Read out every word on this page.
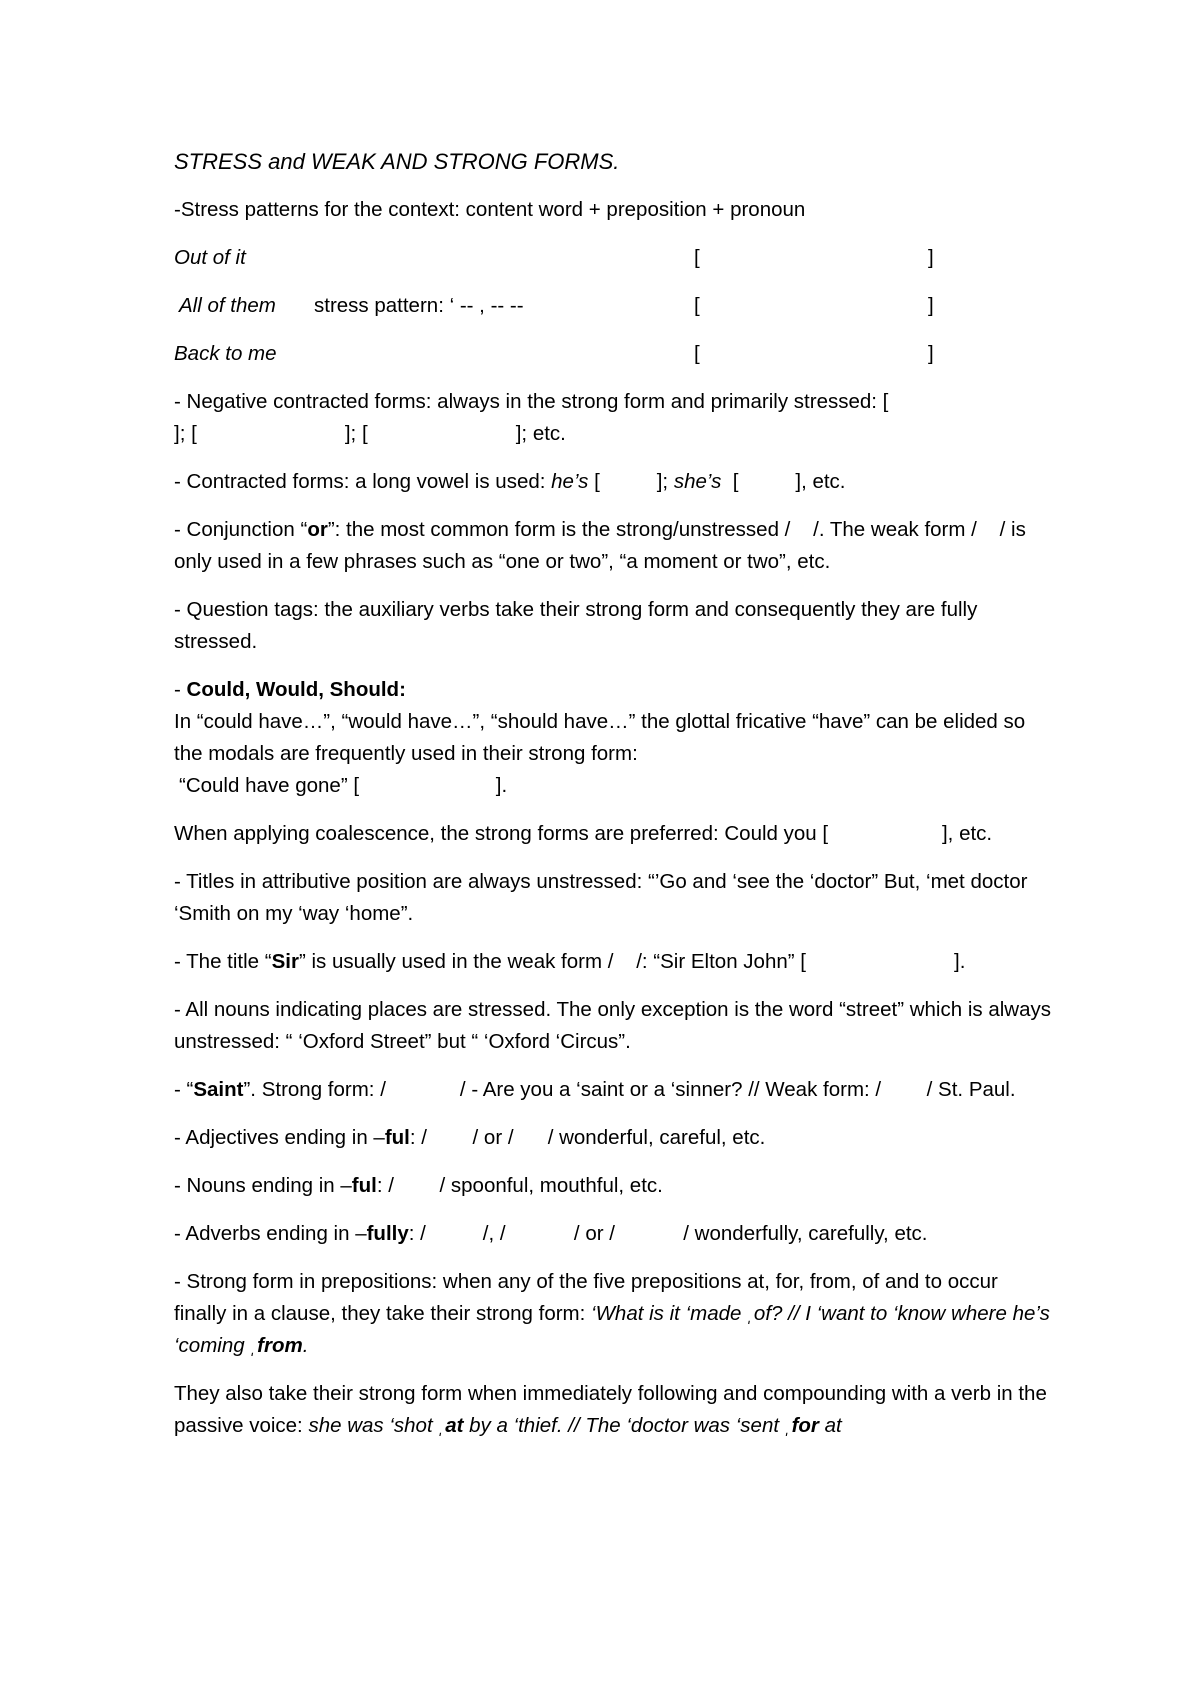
STRESS and WEAK AND STRONG FORMS.

-Stress patterns for the context: content word + preposition + pronoun

Out of it	[	]
All of them stress pattern: ‘ -- , -- --	[	]
Back to me	[	]

- Negative contracted forms: always in the strong form and primarily stressed: [
]; [                          ]; [                          ]; etc.

- Contracted forms: a long vowel is used: he’s [          ]; she’s  [          ], etc.

- Conjunction “or”: the most common form is the strong/unstressed /    /. The weak form /    / is only used in a few phrases such as “one or two”, “a moment or two”, etc.

- Question tags: the auxiliary verbs take their strong form and consequently they are fully stressed.

- Could, Would, Should:
In “could have…”, “would have…”, “should have…” the glottal fricative “have” can be elided so the modals are frequently used in their strong form:
“Could have gone” [                        ].

When applying coalescence, the strong forms are preferred: Could you [                    ], etc.

- Titles in attributive position are always unstressed: “’Go and ‘see the ‘doctor” But, ‘met doctor ‘Smith on my ‘way ‘home”.

- The title “Sir” is usually used in the weak form /    /: “Sir Elton John” [                          ].

- All nouns indicating places are stressed. The only exception is the word “street” which is always unstressed: “ ‘Oxford Street” but “ ‘Oxford ‘Circus”.

- “Saint”. Strong form: /             / - Are you a ‘saint or a ‘sinner? // Weak form: /        / St. Paul.

- Adjectives ending in –ful: /        / or /      / wonderful, careful, etc.

- Nouns ending in –ful: /        / spoonful, mouthful, etc.

- Adverbs ending in –fully: /          /, /            / or /            / wonderfully, carefully, etc.

- Strong form in prepositions: when any of the five prepositions at, for, from, of and to occur finally in a clause, they take their strong form: ‘What is it ‘made ˌof? // I ‘want to ‘know where he’s ‘coming ˌfrom.

They also take their strong form when immediately following and compounding with a verb in the passive voice: she was ‘shot ˌat by a ‘thief. // The ‘doctor was ‘sent ˌfor at
